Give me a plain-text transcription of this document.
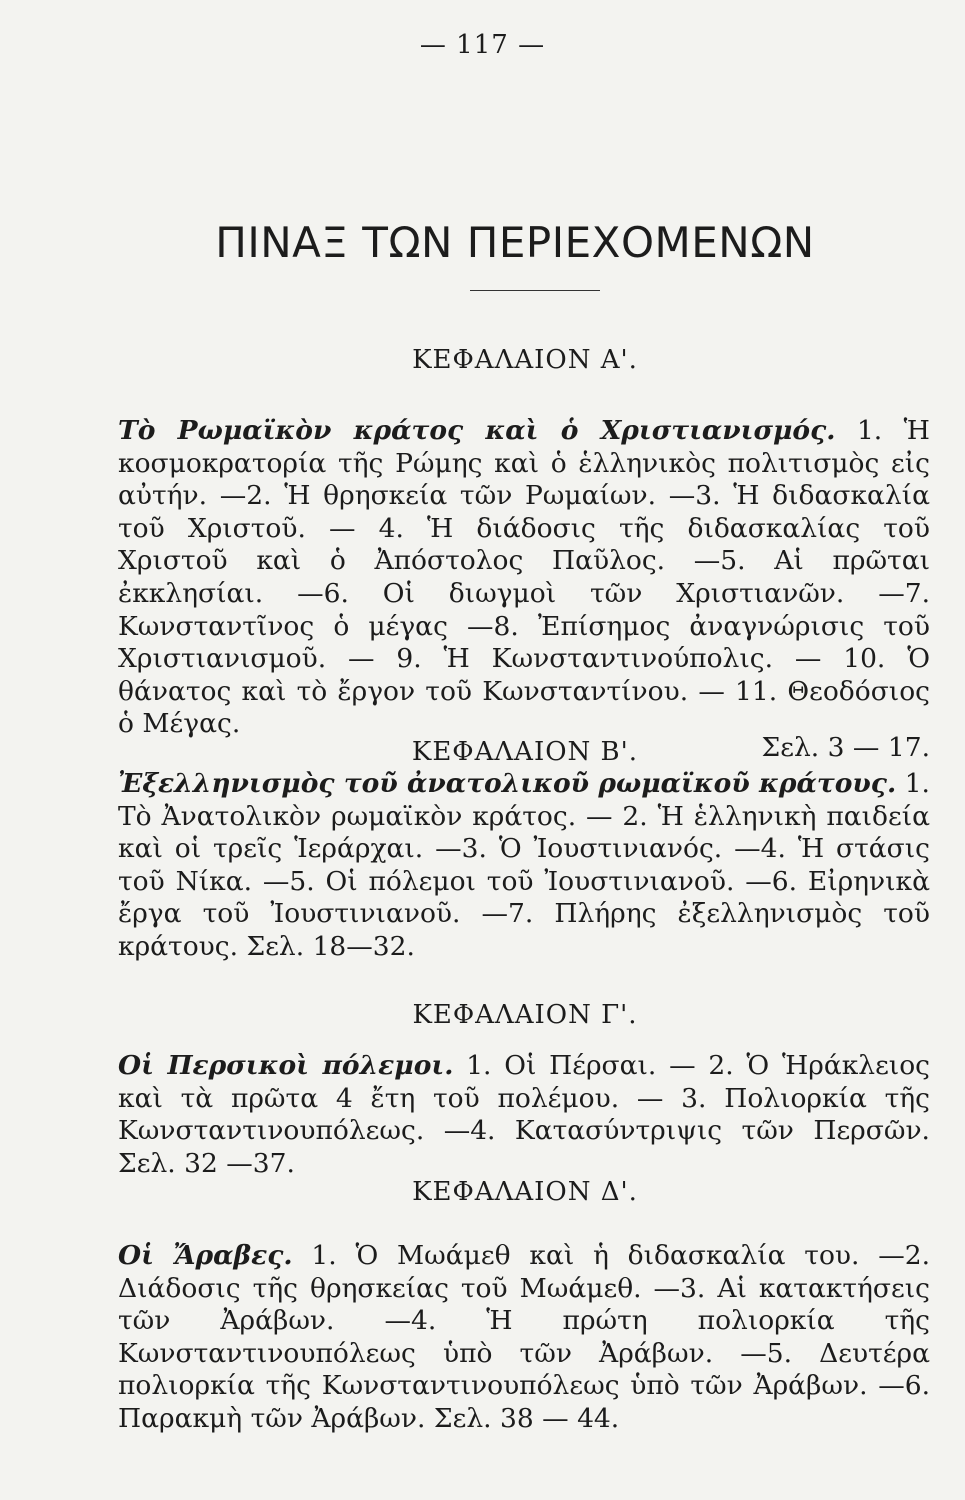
— 117 —
ΠΙΝΑΞ ΤΩΝ ΠΕΡΙΕΧΟΜΕΝΩΝ
ΚΕΦΑΛΑΙΟΝ Α'.
Τὸ Ρωμαϊκὸν κράτος καὶ ὁ Χριστιανισμός. 1. Ἡ κοσμοκρατορία τῆς Ρώμης καὶ ὁ ἑλληνικὸς πολιτισμὸς εἰς αὐτήν. —2. Ἡ θρησκεία τῶν Ρωμαίων. —3. Ἡ διδασκαλία τοῦ Χριστοῦ. — 4. Ἡ διάδοσις τῆς διδασκαλίας τοῦ Χριστοῦ καὶ ὁ Ἀπόστολος Παῦλος. —5. Αἱ πρῶται ἐκκλησίαι. —6. Οἱ διωγμοὶ τῶν Χριστιανῶν. —7. Κωνσταντῖνος ὁ μέγας —8. Ἐπίσημος ἀναγνώρισις τοῦ Χριστιανισμοῦ. — 9. Ἡ Κωνσταντινούπολις. — 10. Ὁ θάνατος καὶ τὸ ἔργον τοῦ Κωνσταντίνου. — 11. Θεοδόσιος ὁ Μέγας.
Σελ. 3 — 17.
ΚΕΦΑΛΑΙΟΝ Β'.
Ἐξελληνισμὸς τοῦ ἀνατολικοῦ ρωμαϊκοῦ κράτους. 1. Τὸ Ἀνατολικὸν ρωμαϊκὸν κράτος. — 2. Ἡ ἑλληνικὴ παιδεία καὶ οἱ τρεῖς Ἱεράρχαι. —3. Ὁ Ἰουστινιανός. —4. Ἡ στάσις τοῦ Νίκα. —5. Οἱ πόλεμοι τοῦ Ἰουστινιανοῦ. —6. Εἰρηνικὰ ἔργα τοῦ Ἰουστινιανοῦ. —7. Πλήρης ἐξελληνισμὸς τοῦ κράτους. Σελ. 18—32.
ΚΕΦΑΛΑΙΟΝ Γ'.
Οἱ Περσικοὶ πόλεμοι. 1. Οἱ Πέρσαι. — 2. Ὁ Ἡράκλειος καὶ τὰ πρῶτα 4 ἔτη τοῦ πολέμου. — 3. Πολιορκία τῆς Κωνσταντινουπόλεως. —4. Κατασύντριψις τῶν Περσῶν. Σελ. 32 —37.
ΚΕΦΑΛΑΙΟΝ Δ'.
Οἱ Ἄραβες. 1. Ὁ Μωάμεθ καὶ ἡ διδασκαλία του. —2. Διάδοσις τῆς θρησκείας τοῦ Μωάμεθ. —3. Αἱ κατακτήσεις τῶν Ἀράβων. —4. Ἡ πρώτη πολιορκία τῆς Κωνσταντινουπόλεως ὑπὸ τῶν Ἀράβων. —5. Δευτέρα πολιορκία τῆς Κωνσταντινουπόλεως ὑπὸ τῶν Ἀράβων. —6. Παρακμὴ τῶν Ἀράβων. Σελ. 38 — 44.
